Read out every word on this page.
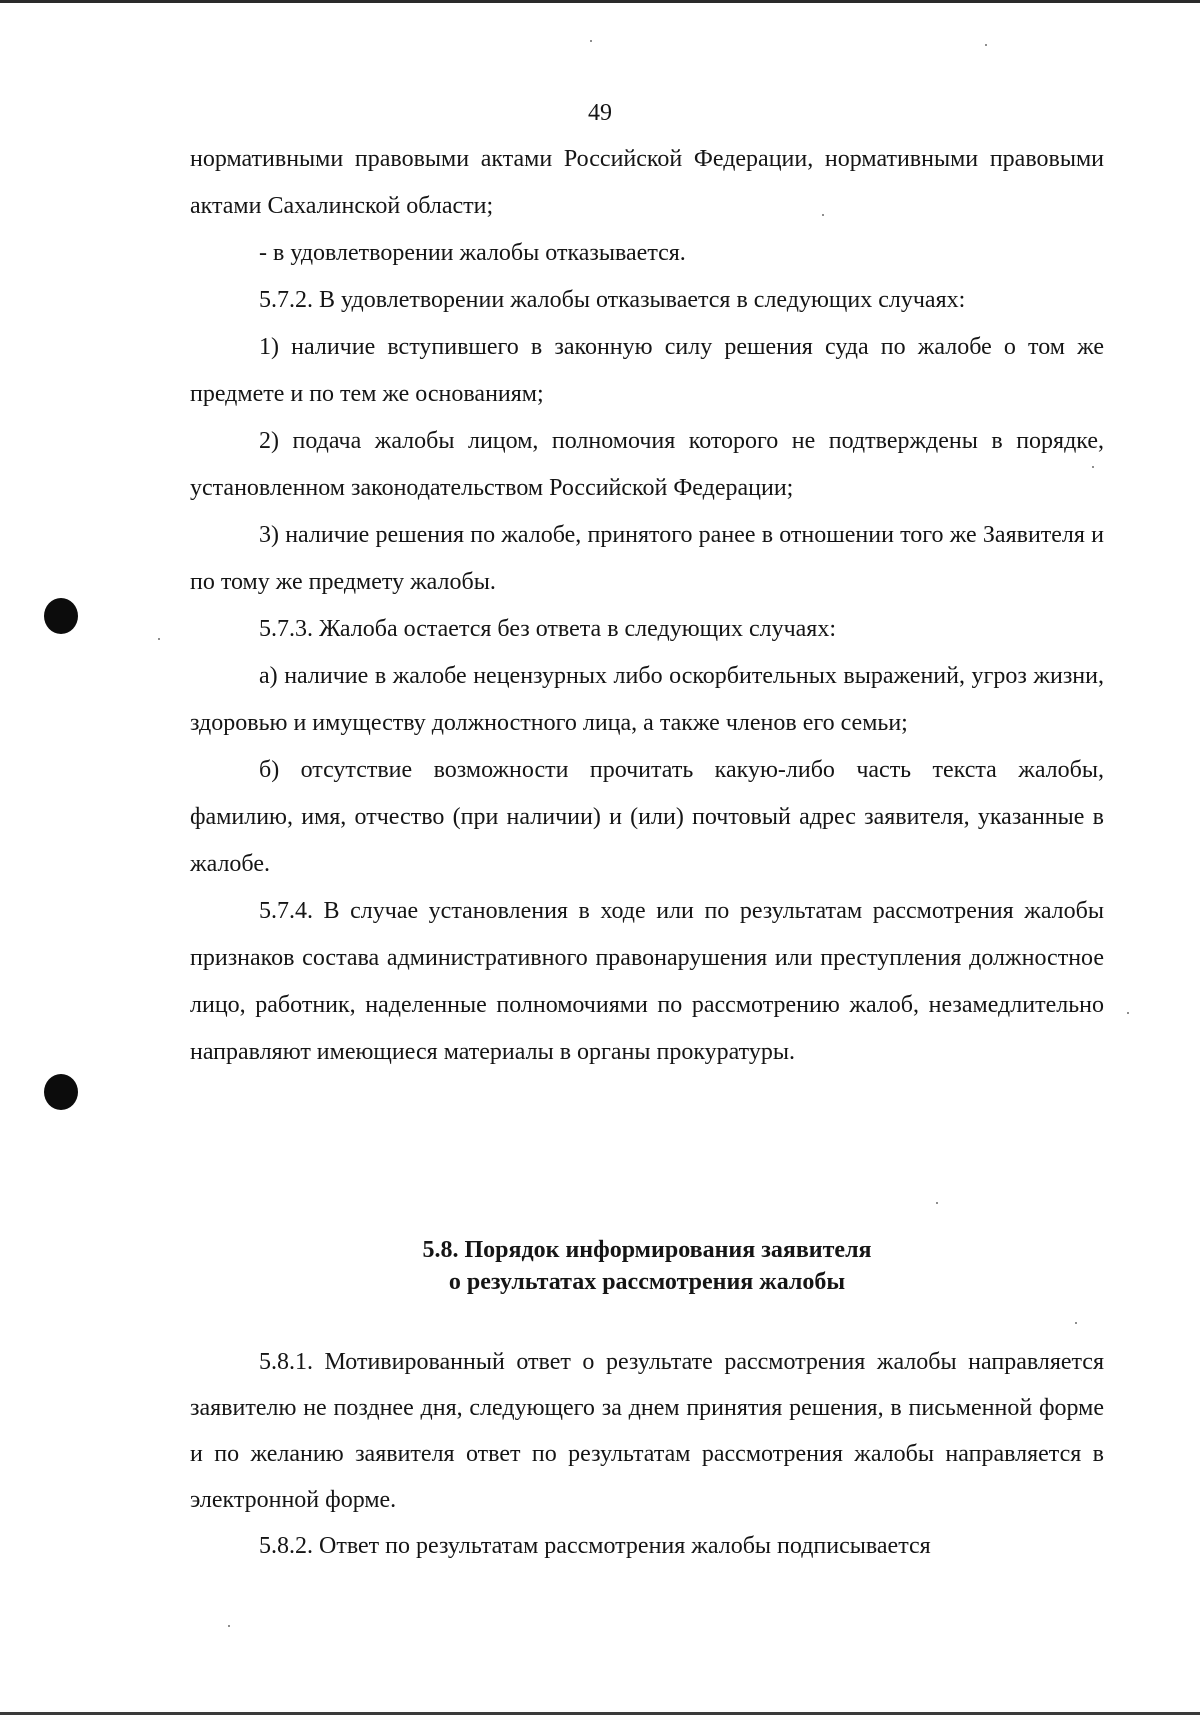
49

нормативными правовыми актами Российской Федерации, нормативными правовыми актами Сахалинской области;

- в удовлетворении жалобы отказывается.

5.7.2. В удовлетворении жалобы отказывается в следующих случаях:

1) наличие вступившего в законную силу решения суда по жалобе о том же предмете и по тем же основаниям;

2) подача жалобы лицом, полномочия которого не подтверждены в порядке, установленном законодательством Российской Федерации;

3) наличие решения по жалобе, принятого ранее в отношении того же Заявителя и по тому же предмету жалобы.

5.7.3. Жалоба остается без ответа в следующих случаях:

а) наличие в жалобе нецензурных либо оскорбительных выражений, угроз жизни, здоровью и имуществу должностного лица, а также членов его семьи;

б) отсутствие возможности прочитать какую-либо часть текста жалобы, фамилию, имя, отчество (при наличии) и (или) почтовый адрес заявителя, указанные в жалобе.

5.7.4. В случае установления в ходе или по результатам рассмотрения жалобы признаков состава административного правонарушения или преступления должностное лицо, работник, наделенные полномочиями по рассмотрению жалоб, незамедлительно направляют имеющиеся материалы в органы прокуратуры.

5.8. Порядок информирования заявителя

о результатах рассмотрения жалобы

5.8.1. Мотивированный ответ о результате рассмотрения жалобы направляется заявителю не позднее дня, следующего за днем принятия решения, в письменной форме и по желанию заявителя ответ по результатам рассмотрения жалобы направляется в электронной форме.

5.8.2. Ответ по результатам рассмотрения жалобы подписывается
